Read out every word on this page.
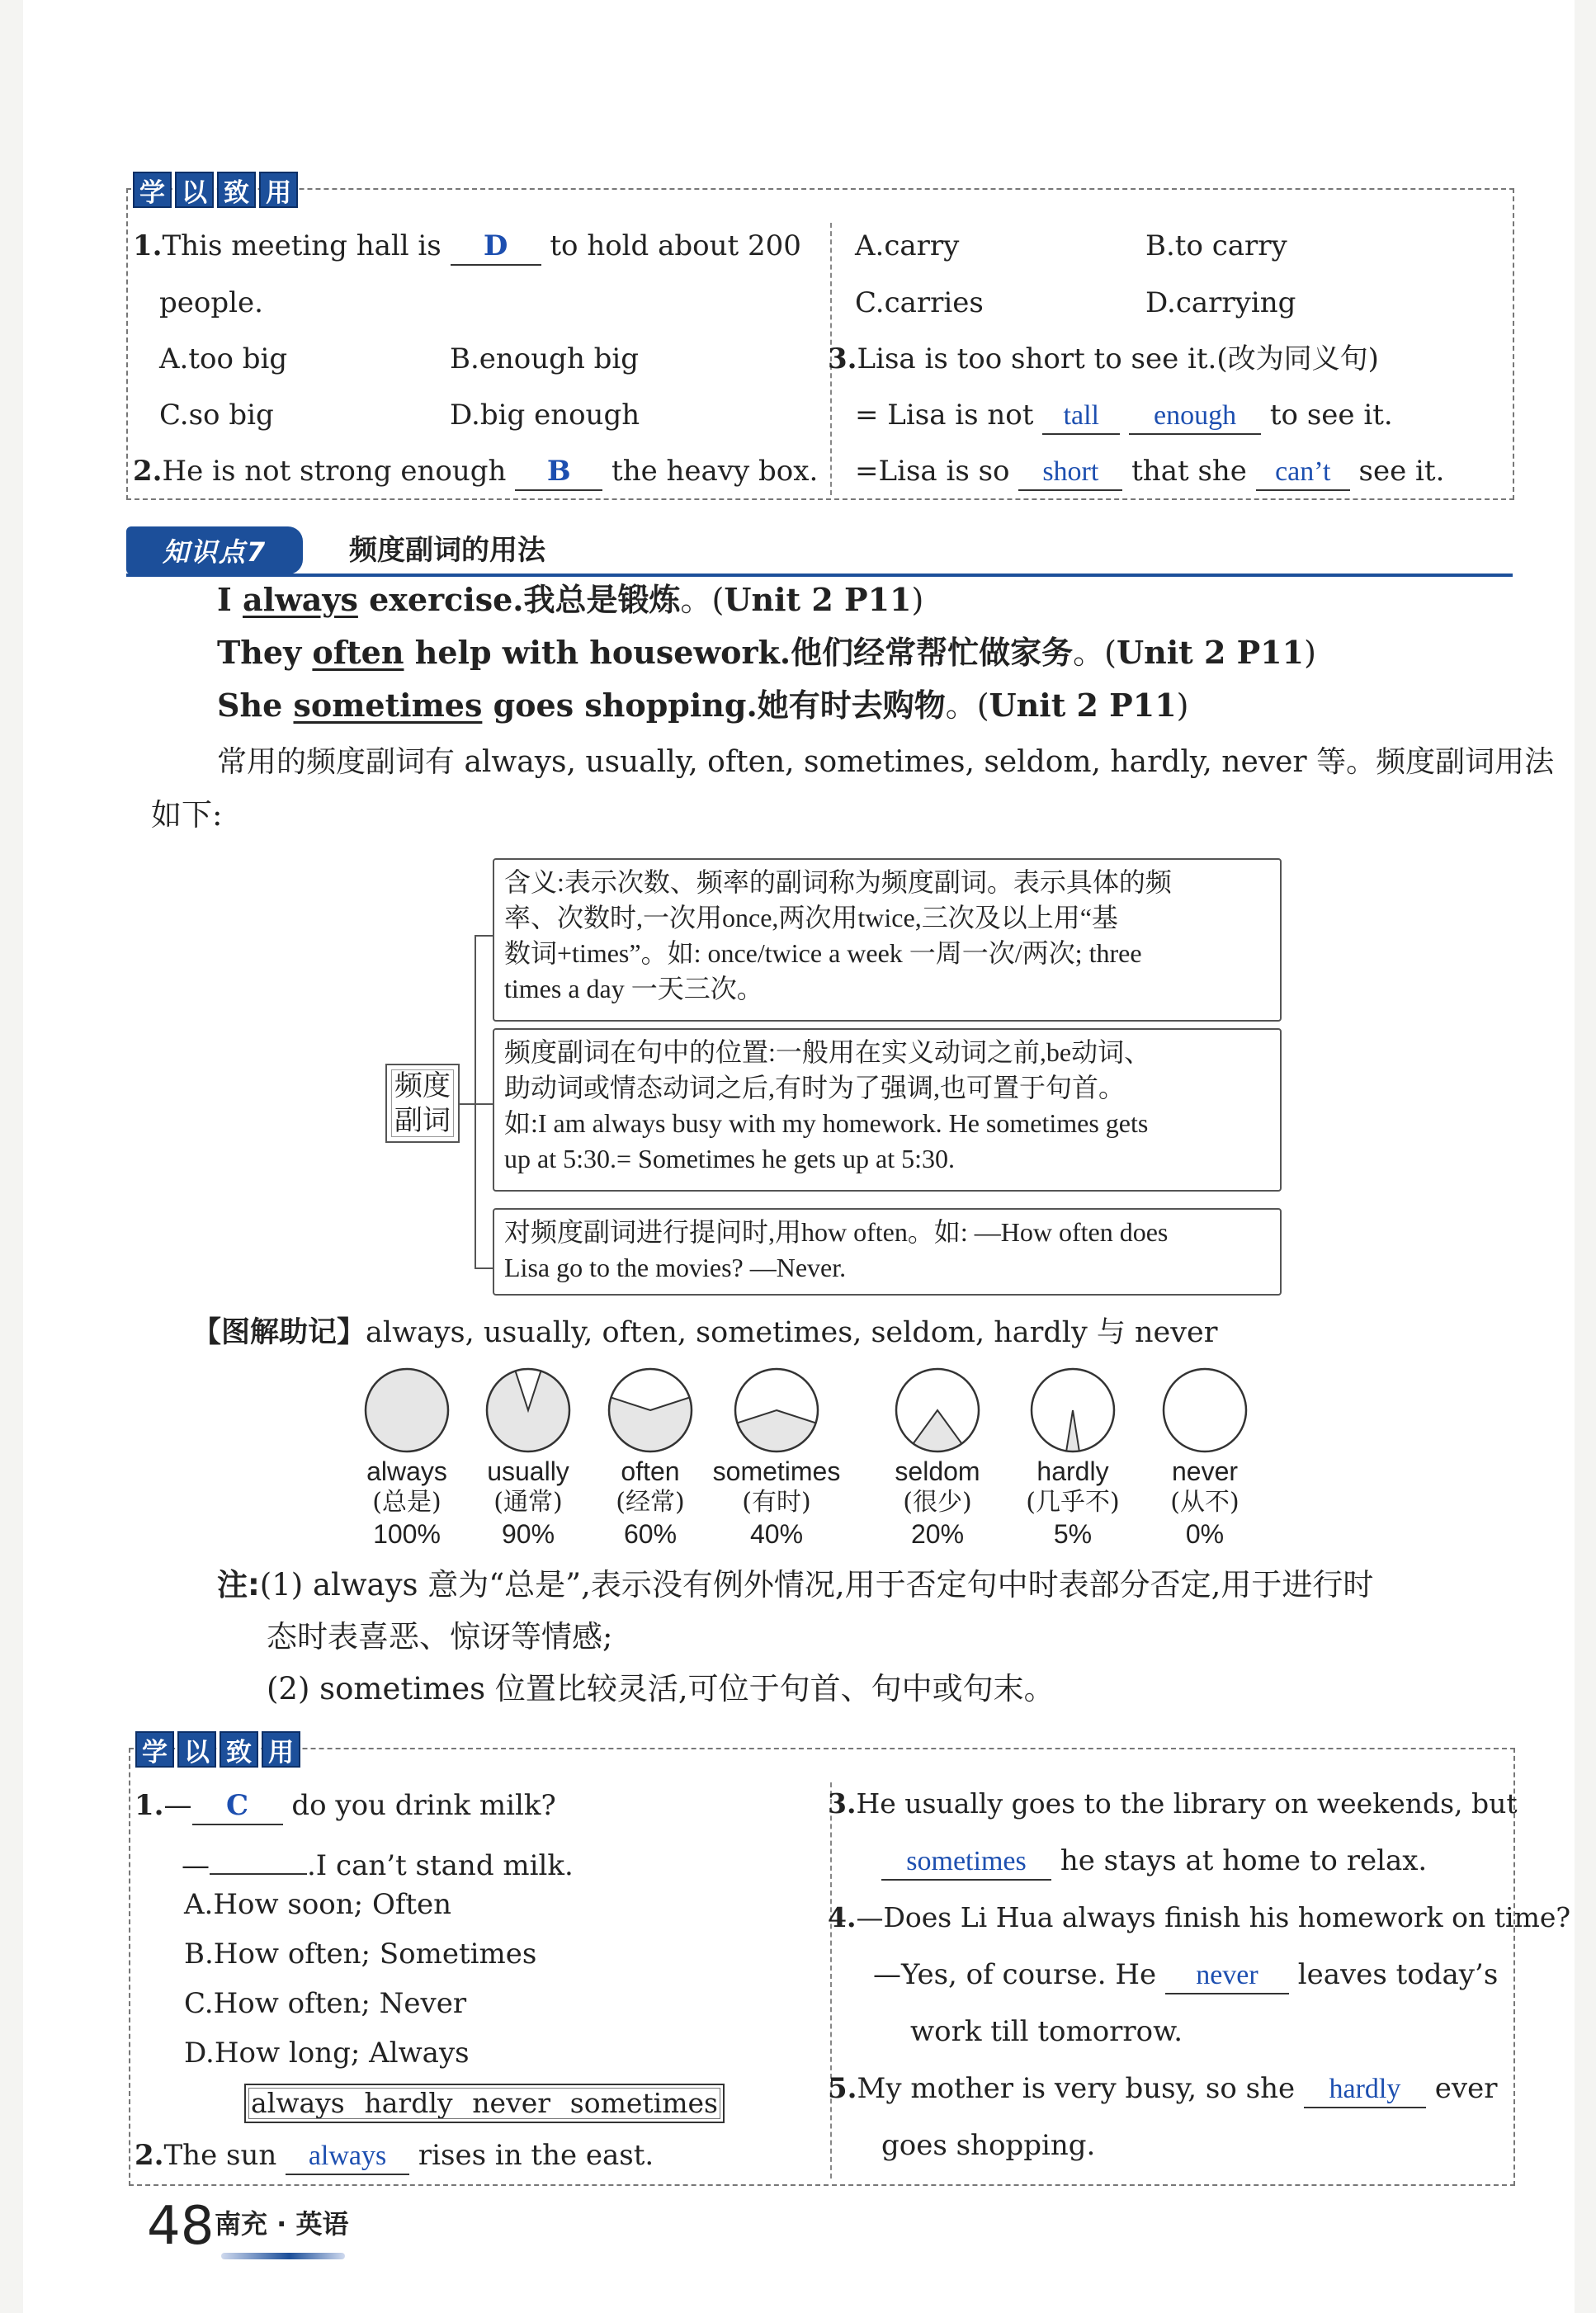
学 以 致 用
1.This meeting hall is D to hold about 200
people.
A.too big	B.enough big
C.so big	D.big enough
2.He is not strong enough B the heavy box.
A.carry	B.to carry
C.carries	D.carrying
3.Lisa is too short to see it.(改为同义句)
= Lisa is not tall enough to see it.
=Lisa is so short that she can’t see it.
知识点7	频度副词的用法
I always exercise.我总是锻炼。(Unit 2 P11)
They often help with housework.他们经常帮忙做家务。(Unit 2 P11)
She sometimes goes shopping.她有时去购物。(Unit 2 P11)
常用的频度副词有 always, usually, often, sometimes, seldom, hardly, never 等。频度副词用法
如下:
频度
副词
含义:表示次数、频率的副词称为频度副词。表示具体的频
率、次数时,一次用once,两次用twice,三次及以上用“基
数词+times”。如: once/twice a week 一周一次/两次; three
times a day 一天三次。
频度副词在句中的位置:一般用在实义动词之前,be动词、
助动词或情态动词之后,有时为了强调,也可置于句首。
如:I am always busy with my homework. He sometimes gets
up at 5:30.= Sometimes he gets up at 5:30.
对频度副词进行提问时,用how often。如: —How often does
Lisa go to the movies? —Never.
【图解助记】always, usually, often, sometimes, seldom, hardly 与 never
always
(总是)
100%
usually
(通常)
90%
often
(经常)
60%
sometimes
(有时)
40%
seldom
(很少)
20%
hardly
(几乎不)
5%
never
(从不)
0%
注:(1) always 意为“总是”,表示没有例外情况,用于否定句中时表部分否定,用于进行时
态时表喜恶、惊讶等情感;
(2) sometimes 位置比较灵活,可位于句首、句中或句末。
学 以 致 用
1.— C do you drink milk?
—	.I can’t stand milk.
A.How soon; Often
B.How often; Sometimes
C.How often; Never
D.How long; Always
always hardly never sometimes
2.The sun always rises in the east.
3.He usually goes to the library on weekends, but
sometimes he stays at home to relax.
4.—Does Li Hua always finish his homework on time?
—Yes, of course. He never leaves today’s
work till tomorrow.
5.My mother is very busy, so she hardly ever
goes shopping.
48 南充 · 英语
